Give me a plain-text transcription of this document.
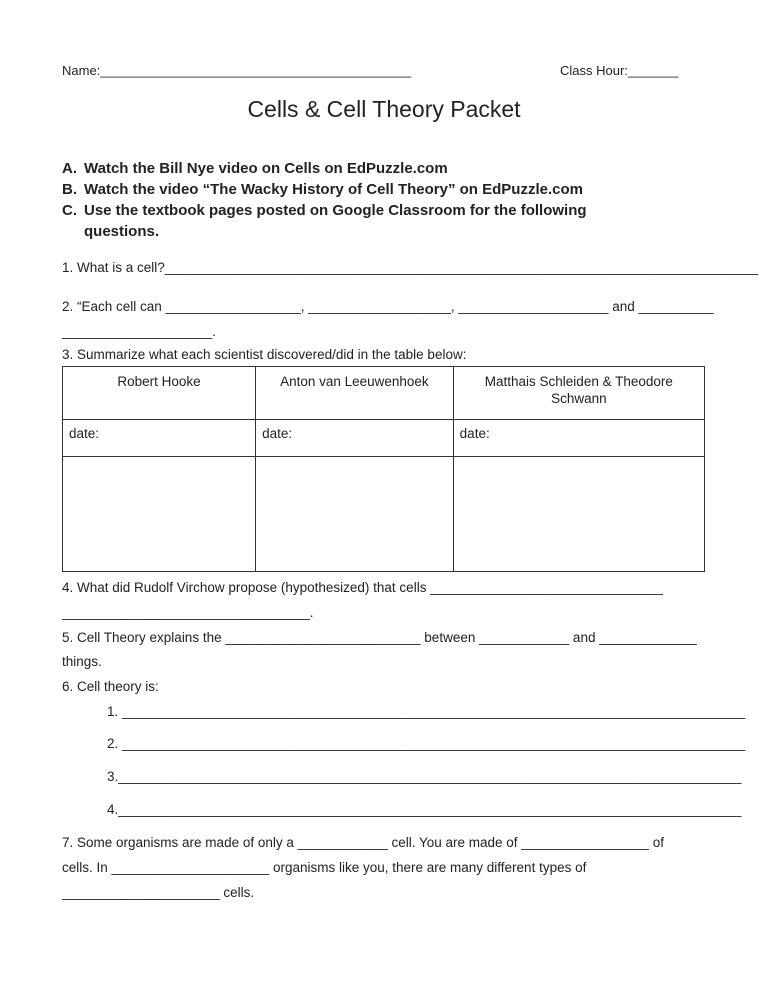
Name:___________________________________________	Class Hour:_______
Cells & Cell Theory Packet
A. Watch the Bill Nye video on Cells on EdPuzzle.com
B. Watch the video “The Wacky History of Cell Theory” on EdPuzzle.com
C. Use the textbook pages posted on Google Classroom for the following
questions.
1. What is a cell?_______________________________________________________________________________
2. “Each cell can __________________, ___________________, ____________________ and __________
____________________.
3. Summarize what each scientist discovered/did in the table below:
Robert Hooke	Anton van Leeuwenhoek	Matthais Schleiden & Theodore Schwann
date:	date:	date:

4. What did Rudolf Virchow propose (hypothesized) that cells _______________________________
_________________________________.
5. Cell Theory explains the __________________________ between ____________ and _____________
things.
6. Cell theory is:
1. ___________________________________________________________________________________
2. ___________________________________________________________________________________
3.___________________________________________________________________________________
4.___________________________________________________________________________________
7. Some organisms are made of only a ____________ cell. You are made of _________________ of
cells. In _____________________ organisms like you, there are many different types of
_____________________ cells.
